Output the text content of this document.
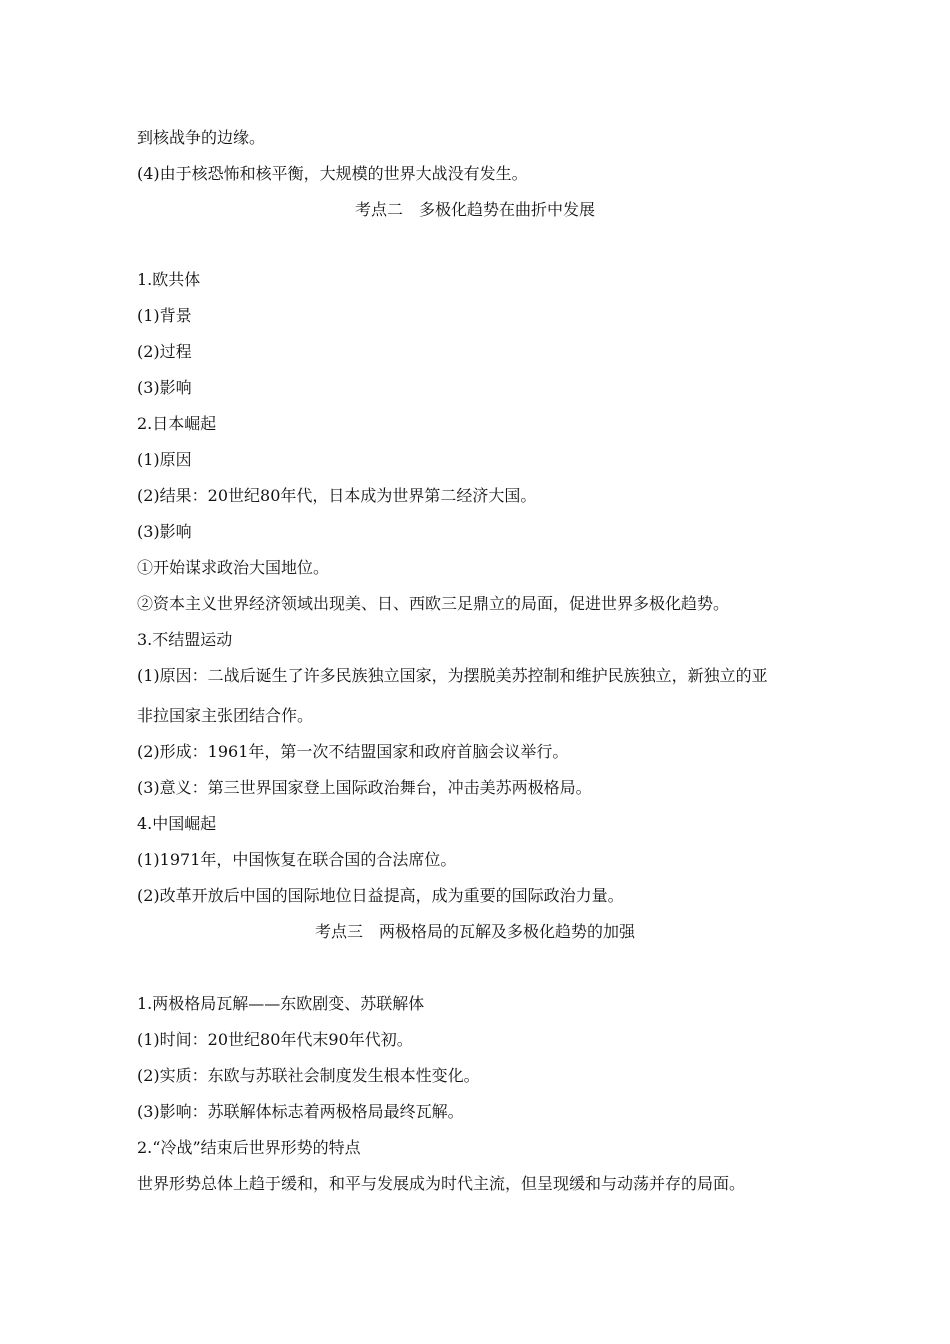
到核战争的边缘。

(4)由于核恐怖和核平衡，大规模的世界大战没有发生。

考点二　多极化趋势在曲折中发展

1.欧共体

(1)背景

(2)过程

(3)影响

2.日本崛起

(1)原因

(2)结果：20世纪80年代，日本成为世界第二经济大国。

(3)影响

①开始谋求政治大国地位。

②资本主义世界经济领域出现美、日、西欧三足鼎立的局面，促进世界多极化趋势。

3.不结盟运动

(1)原因：二战后诞生了许多民族独立国家，为摆脱美苏控制和维护民族独立，新独立的亚

非拉国家主张团结合作。

(2)形成：1961年，第一次不结盟国家和政府首脑会议举行。

(3)意义：第三世界国家登上国际政治舞台，冲击美苏两极格局。

4.中国崛起

(1)1971年，中国恢复在联合国的合法席位。

(2)改革开放后中国的国际地位日益提高，成为重要的国际政治力量。

考点三　两极格局的瓦解及多极化趋势的加强

1.两极格局瓦解——东欧剧变、苏联解体

(1)时间：20世纪80年代末90年代初。

(2)实质：东欧与苏联社会制度发生根本性变化。

(3)影响：苏联解体标志着两极格局最终瓦解。

2.“冷战”结束后世界形势的特点

世界形势总体上趋于缓和，和平与发展成为时代主流，但呈现缓和与动荡并存的局面。
